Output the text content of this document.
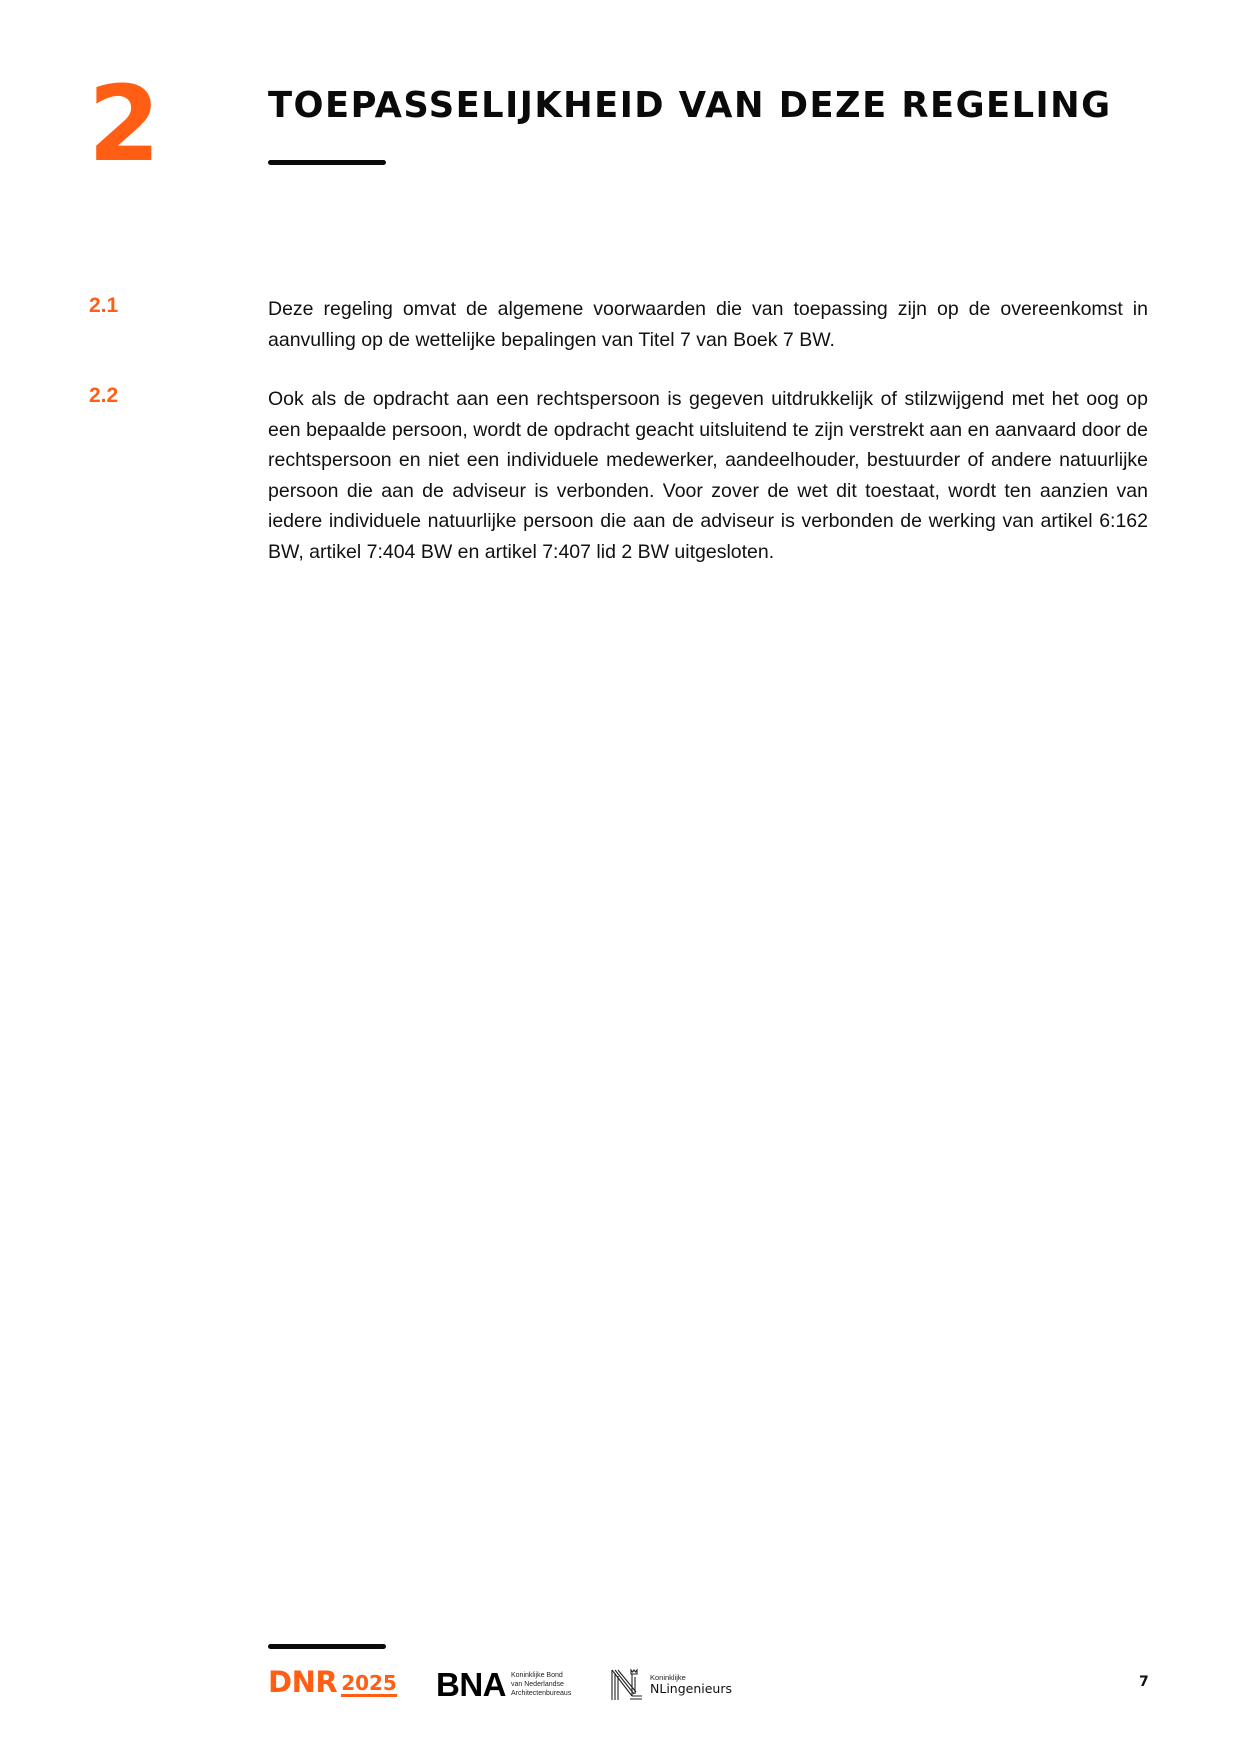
2	TOEPASSELIJKHEID VAN DEZE REGELING
2.1	Deze regeling omvat de algemene voorwaarden die van toepassing zijn op de overeenkomst in aanvulling op de wettelijke bepalingen van Titel 7 van Boek 7 BW.

2.2	Ook als de opdracht aan een rechtspersoon is gegeven uitdrukkelijk of stilzwijgend met het oog op een bepaalde persoon, wordt de opdracht geacht uitsluitend te zijn verstrekt aan en aanvaard door de rechtspersoon en niet een individuele medewerker, aandeelhouder, bestuurder of andere natuurlijke persoon die aan de adviseur is verbonden. Voor zover de wet dit toestaat, wordt ten aanzien van iedere individuele natuurlijke persoon die aan de adviseur is verbonden de werking van artikel 6:162 BW, artikel 7:404 BW en artikel 7:407 lid 2 BW uitgesloten.

DNR 2025 BNA Koninklijke Bond
van Nederlandse
Architectenbureaus
Koninklijke
NLingenieurs	7
